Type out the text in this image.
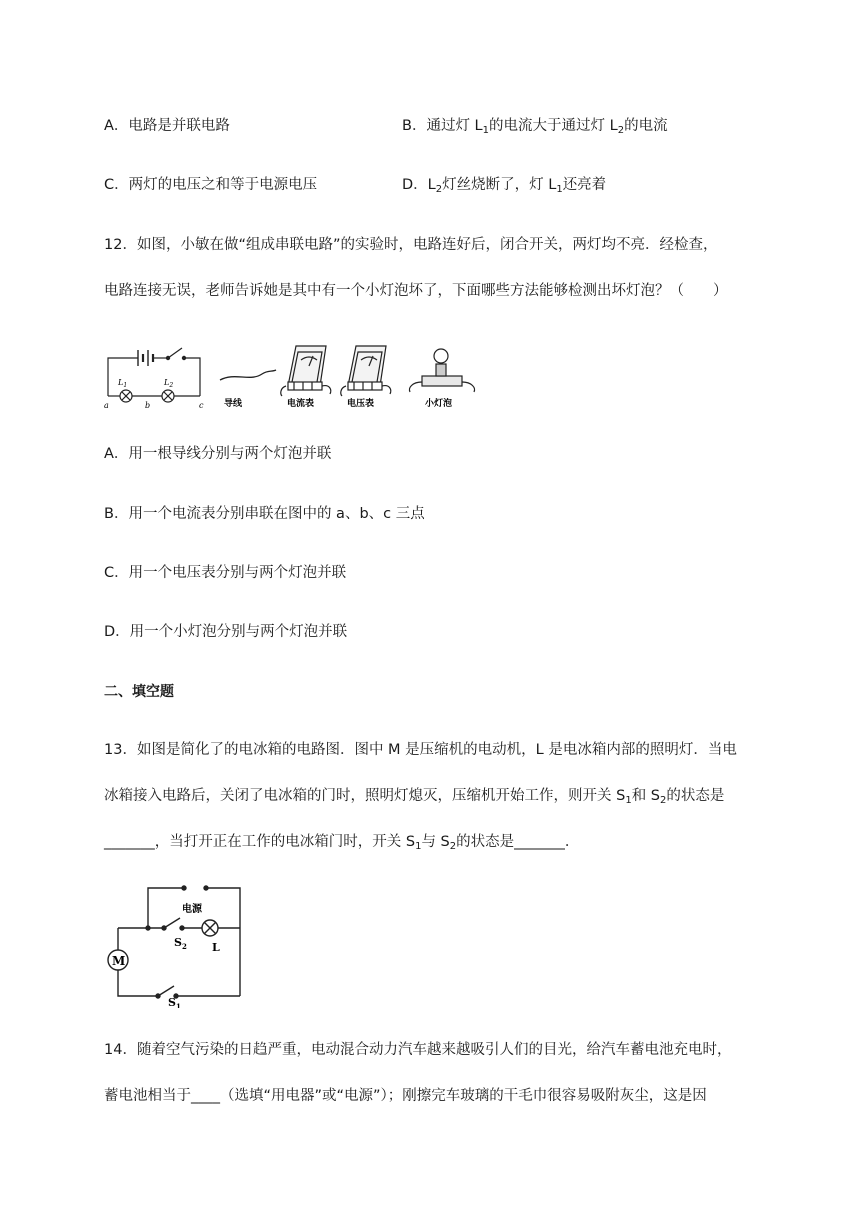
A．电路是并联电路	B．通过灯 $L_1$的电流大于通过灯 $L_2$的电流
C．两灯的电压之和等于电源电压	D．$L_2$灯丝烧断了，灯 $L_1$还亮着
12．如图，小敏在做“组成串联电路”的实验时，电路连好后，闭合开关，两灯均不亮．经检查，
电路连接无误，老师告诉她是其中有一个小灯泡坏了，下面哪些方法能够检测出坏灯泡？（　　）
$L_1$	$L_2$
a	b	c 导线	电流表	电压表	小灯泡
A．用一根导线分别与两个灯泡并联
B．用一个电流表分别串联在图中的 a、b、c 三点
C．用一个电压表分别与两个灯泡并联
D．用一个小灯泡分别与两个灯泡并联
二、填空题
13．如图是简化了的电冰箱的电路图．图中 M 是压缩机的电动机，L 是电冰箱内部的照明灯．当电
冰箱接入电路后，关闭了电冰箱的门时，照明灯熄灭，压缩机开始工作，则开关 $S_1$和 $S_2$的状态是
_______，当打开正在工作的电冰箱门时，开关 $S_1$与 $S_2$的状态是_______．
电源
M
L
$S_2$
$S_1$
14．随着空气污染的日趋严重，电动混合动力汽车越来越吸引人们的目光，给汽车蓄电池充电时，
蓄电池相当于____（选填“用电器”或“电源”）；刚擦完车玻璃的干毛巾很容易吸附灰尘，这是因
